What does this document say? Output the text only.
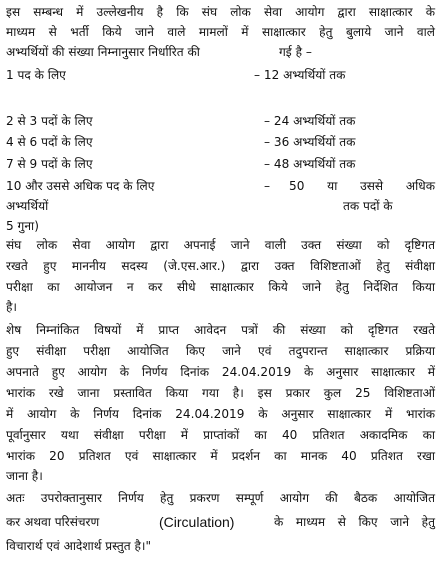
इस सम्बन्ध में उल्लेखनीय है कि संघ लोक सेवा आयोग द्वारा साक्षात्कार के
माध्यम से भर्ती किये जाने वाले मामलों में साक्षात्कार हेतु बुलाये जाने वाले
अभ्यर्थियों की संख्या निम्नानुसार निर्धारित की	गई है –
1 पद के लिए	– 12 अभ्यर्थियों तक
2 से 3 पदों के लिए	– 24 अभ्यर्थियों तक
4 से 6 पदों के लिए	– 36 अभ्यर्थियों तक
7 से 9 पदों के लिए	– 48 अभ्यर्थियों तक
10 और उससे अधिक पद के लिए	– 50 या उससे अधिक
अभ्यर्थियों	तक पदों के
5 गुना)
संघ लोक सेवा आयोग द्वारा अपनाई जाने वाली उक्त संख्या को दृष्टिगत
रखते हुए माननीय सदस्य (जे.एस.आर.) द्वारा उक्त विशिष्टताओं हेतु संवीक्षा
परीक्षा का आयोजन न कर सीधे साक्षात्कार किये जाने हेतु निर्देशित किया
है।
शेष निम्नांकित विषयों में प्राप्त आवेदन पत्रों की संख्या को दृष्टिगत रखते
हुए संवीक्षा परीक्षा आयोजित किए जाने एवं तदुपरान्त साक्षात्कार प्रक्रिया
अपनाते हुए आयोग के निर्णय दिनांक 24.04.2019 के अनुसार साक्षात्कार में
भारांक रखे जाना प्रस्तावित किया गया है। इस प्रकार कुल 25 विशिष्टताओं
में आयोग के निर्णय दिनांक 24.04.2019 के अनुसार साक्षात्कार में भारांक
पूर्वानुसार यथा संवीक्षा परीक्षा में प्राप्तांकों का 40 प्रतिशत अकादमिक का
भारांक 20 प्रतिशत एवं साक्षात्कार में प्रदर्शन का मानक 40 प्रतिशत रखा
जाना है।
अतः उपरोक्तानुसार निर्णय हेतु प्रकरण सम्पूर्ण आयोग की बैठक आयोजित
कर अथवा परिसंचरण	(Circulation)	के माध्यम से किए जाने हेतु
विचारार्थ एवं आदेशार्थ प्रस्तुत है।"
